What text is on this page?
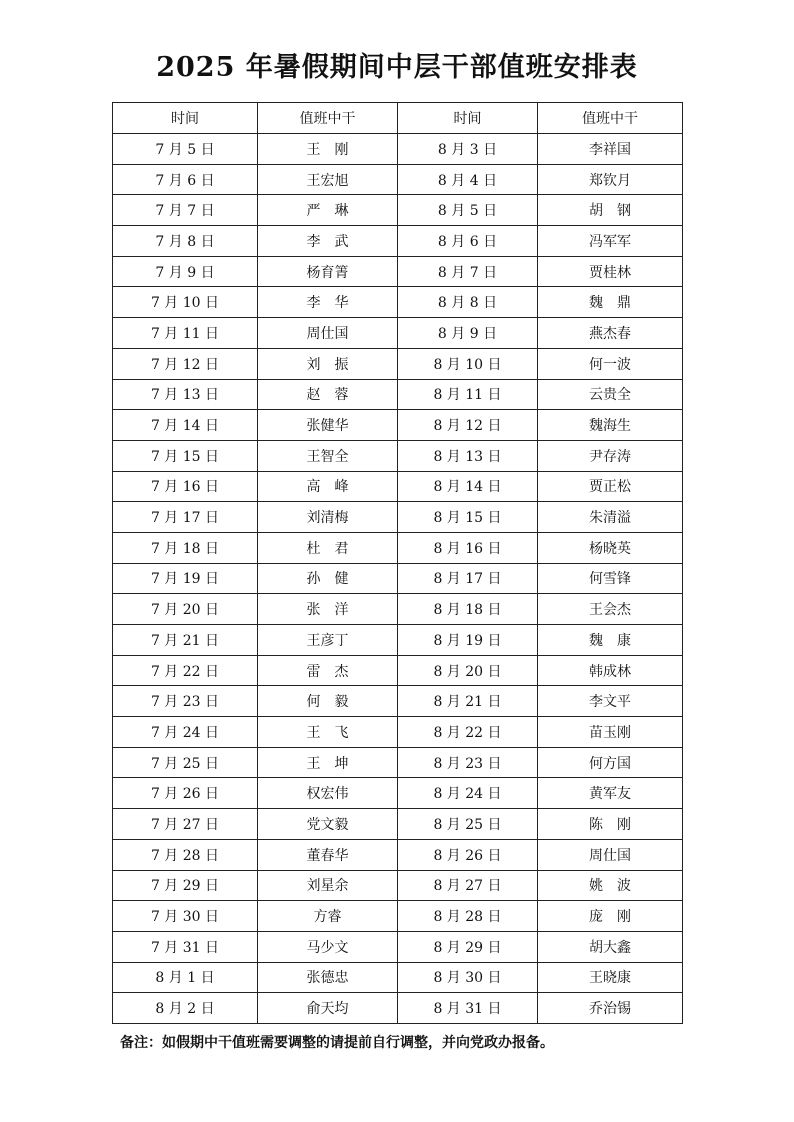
2025 年暑假期间中层干部值班安排表
时间	值班中干	时间	值班中干
7 月 5 日	王　刚	8 月 3 日	李祥国
7 月 6 日	王宏旭	8 月 4 日	郑钦月
7 月 7 日	严　琳	8 月 5 日	胡　钢
7 月 8 日	李　武	8 月 6 日	冯军军
7 月 9 日	杨育箐	8 月 7 日	贾桂林
7 月 10 日	李　华	8 月 8 日	魏　鼎
7 月 11 日	周仕国	8 月 9 日	燕杰春
7 月 12 日	刘　振	8 月 10 日	何一波
7 月 13 日	赵　蓉	8 月 11 日	云贵全
7 月 14 日	张健华	8 月 12 日	魏海生
7 月 15 日	王智全	8 月 13 日	尹存涛
7 月 16 日	高　峰	8 月 14 日	贾正松
7 月 17 日	刘清梅	8 月 15 日	朱清溢
7 月 18 日	杜　君	8 月 16 日	杨晓英
7 月 19 日	孙　健	8 月 17 日	何雪锋
7 月 20 日	张　洋	8 月 18 日	王会杰
7 月 21 日	王彦丁	8 月 19 日	魏　康
7 月 22 日	雷　杰	8 月 20 日	韩成林
7 月 23 日	何　毅	8 月 21 日	李文平
7 月 24 日	王　飞	8 月 22 日	苗玉刚
7 月 25 日	王　坤	8 月 23 日	何方国
7 月 26 日	权宏伟	8 月 24 日	黄军友
7 月 27 日	党文毅	8 月 25 日	陈　刚
7 月 28 日	董春华	8 月 26 日	周仕国
7 月 29 日	刘星余	8 月 27 日	姚　波
7 月 30 日	方睿	8 月 28 日	庞　刚
7 月 31 日	马少文	8 月 29 日	胡大鑫
8 月 1 日	张德忠	8 月 30 日	王晓康
8 月 2 日	俞天均	8 月 31 日	乔治锡
备注：如假期中干值班需要调整的请提前自行调整，并向党政办报备。
